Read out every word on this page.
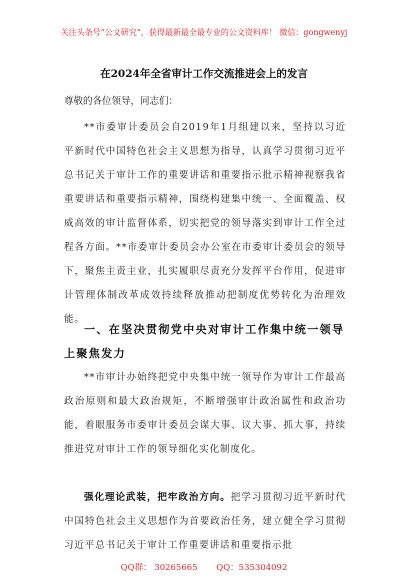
关注头条号“公文研究”，获得最新最全最专业的公文资料库！ 微信：gongwenyj
在2024年全省审计工作交流推进会上的发言
尊敬的各位领导，同志们：
**市委审计委员会自2019年1月组建以来，坚持以习近平新时代中国特色社会主义思想为指导，认真学习贯彻习近平总书记关于审计工作的重要讲话和重要指示批示精神视察我省重要讲话和重要指示精神，围绕构建集中统一、全面覆盖、权威高效的审计监督体系，切实把党的领导落实到审计工作全过程各方面。**市委审计委员会办公室在市委审计委员会的领导下，聚焦主责主业，扎实履职尽责充分发挥平台作用，促进审计管理体制改革成效持续释放推动把制度优势转化为治理效能。
一、在坚决贯彻党中央对审计工作集中统一领导上聚焦发力
**市审计办始终把党中央集中统一领导作为审计工作最高政治原则和最大政治规矩，不断增强审计政治属性和政治功能，着眼服务市委审计委员会谋大事、议大事、抓大事，持续推进党对审计工作的领导细化实化制度化。
强化理论武装，把牢政治方向。把学习贯彻习近平新时代中国特色社会主义思想作为首要政治任务，建立健全学习贯彻习近平总书记关于审计工作重要讲话和重要指示批
QQ群： 30265665 QQ：535304092
